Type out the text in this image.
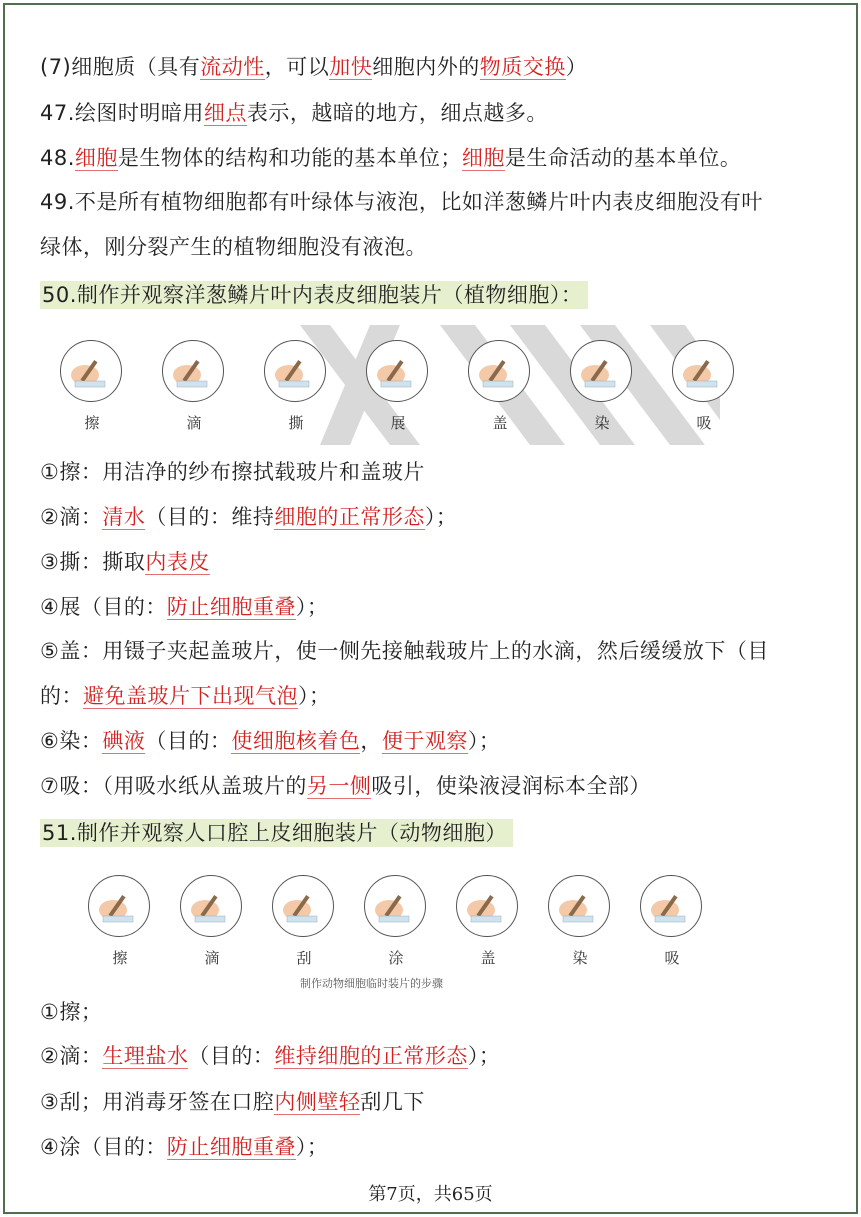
(7)细胞质（具有流动性，可以加快细胞内外的物质交换）
47.绘图时明暗用细点表示，越暗的地方，细点越多。
48.细胞是生物体的结构和功能的基本单位；细胞是生命活动的基本单位。
49.不是所有植物细胞都有叶绿体与液泡，比如洋葱鳞片叶内表皮细胞没有叶
绿体，刚分裂产生的植物细胞没有液泡。
50.制作并观察洋葱鳞片叶内表皮细胞装片（植物细胞）：
①擦：用洁净的纱布擦拭载玻片和盖玻片
②滴：清水（目的：维持细胞的正常形态）；
③撕：撕取内表皮
④展（目的：防止细胞重叠）；
⑤盖：用镊子夹起盖玻片，使一侧先接触载玻片上的水滴，然后缓缓放下（目
的：避免盖玻片下出现气泡）；
⑥染：碘液（目的：使细胞核着色，便于观察）；
⑦吸：（用吸水纸从盖玻片的另一侧吸引，使染液浸润标本全部）
51.制作并观察人口腔上皮细胞装片（动物细胞）
①擦；
②滴：生理盐水（目的：维持细胞的正常形态）；
③刮；用消毒牙签在口腔内侧壁轻刮几下
④涂（目的：防止细胞重叠）；
擦	滴	撕	展	盖	染	吸
擦	滴	刮	涂	盖	染	吸
制作动物细胞临时装片的步骤
第7页，共65页
